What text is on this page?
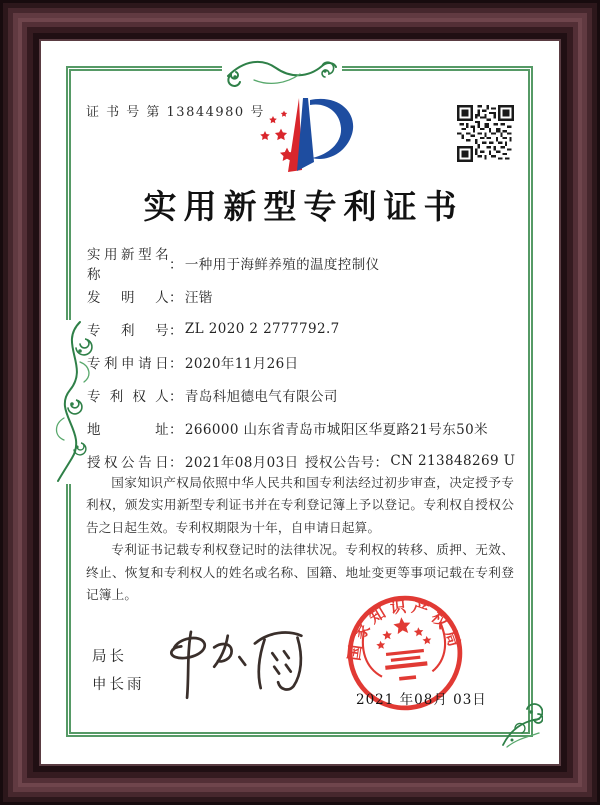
证 书 号 第 13844980 号
实用新型专利证书
实用新型名称
： 一种用于海鲜养殖的温度控制仪
发明人 ： 汪锴
专利号 ： ZL 2020 2 2777792.7
专利申请日 ： 2020年11月26日
专利权人 ： 青岛科旭德电气有限公司
地址 ： 266000 山东省青岛市城阳区华夏路21号东50米
授权公告日 ： 2021年08月03日 授权公告号 ： CN 213848269 U

国家知识产权局依照中华人民共和国专利法经过初步审查，决定授予专利权，颁发实用新型专利证书并在专利登记簿上予以登记。专利权自授权公告之日起生效。专利权期限为十年，自申请日起算。

专利证书记载专利权登记时的法律状况。专利权的转移、质押、无效、终止、恢复和专利权人的姓名或名称、国籍、地址变更等事项记载在专利登记簿上。

局长
申长雨
国家知识产权局
2021 年08月 03日
